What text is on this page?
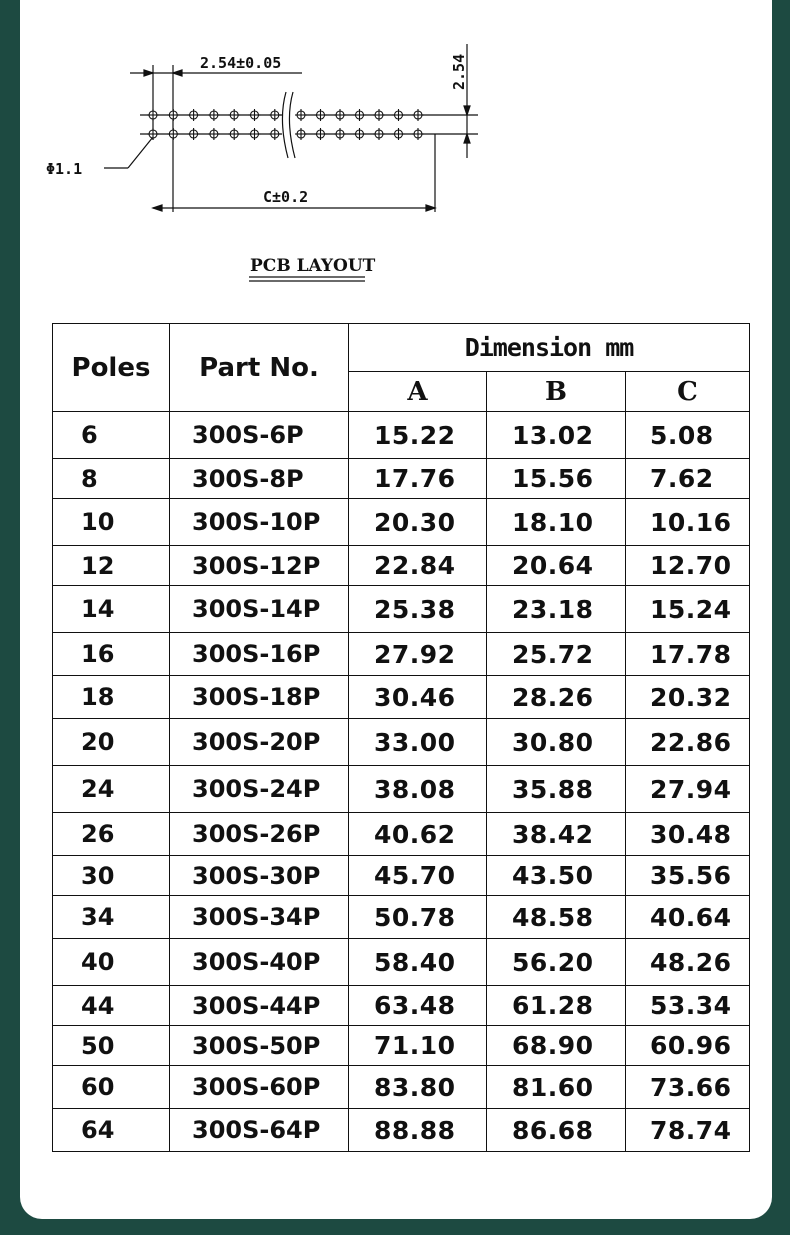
2.54±0.05	2.54
Φ1.1
C±0.2
PCB LAYOUT
Poles	Part No.	Dimension mm		
		A	B	C
6	300S-6P	15.22	13.02	5.08
8	300S-8P	17.76	15.56	7.62
10	300S-10P	20.30	18.10	10.16
12	300S-12P	22.84	20.64	12.70
14	300S-14P	25.38	23.18	15.24
16	300S-16P	27.92	25.72	17.78
18	300S-18P	30.46	28.26	20.32
20	300S-20P	33.00	30.80	22.86
24	300S-24P	38.08	35.88	27.94
26	300S-26P	40.62	38.42	30.48
30	300S-30P	45.70	43.50	35.56
34	300S-34P	50.78	48.58	40.64
40	300S-40P	58.40	56.20	48.26
44	300S-44P	63.48	61.28	53.34
50	300S-50P	71.10	68.90	60.96
60	300S-60P	83.80	81.60	73.66
64	300S-64P	88.88	86.68	78.74
